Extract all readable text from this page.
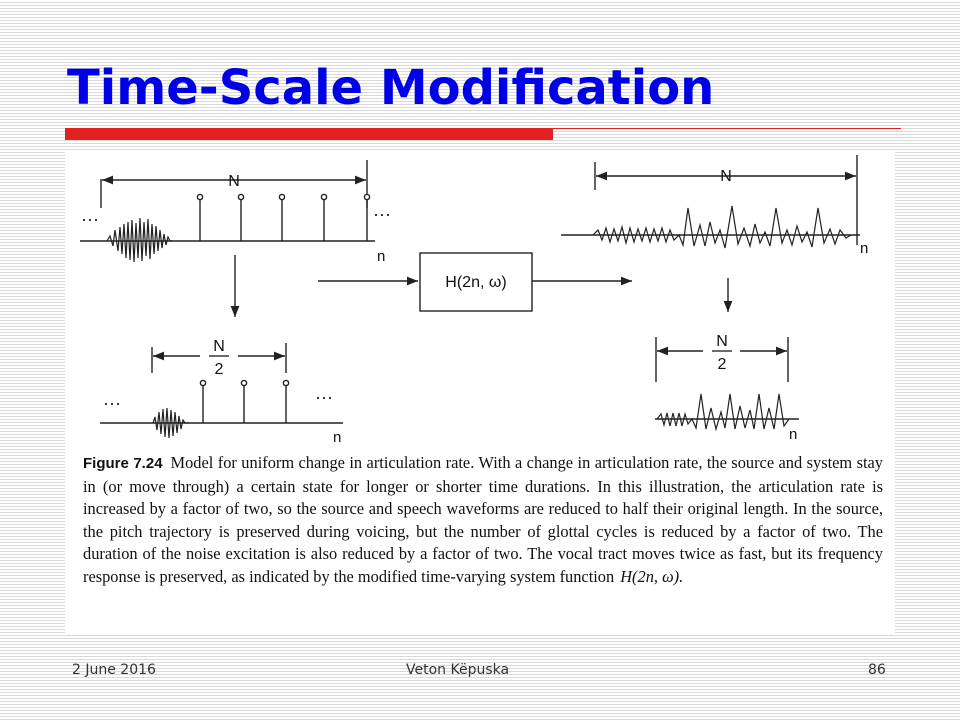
Time-Scale Modification
N	N
N
2
N
2
n	n
n	n
···	···
···	···
H(2n, ω)

Figure 7.24 Model for uniform change in articulation rate. With a change in articulation rate, the source and system stay in (or move through) a certain state for longer or shorter time durations. In this illustration, the articulation rate is increased by a factor of two, so the source and speech waveforms are reduced to half their original length. In the source, the pitch trajectory is preserved during voicing, but the number of glottal cycles is reduced by a factor of two. The duration of the noise excitation is also reduced by a factor of two. The vocal tract moves twice as fast, but its frequency response is preserved, as indicated by the modified time-varying system function H(2n, ω).

2 June 2016	Veton Këpuska	86
